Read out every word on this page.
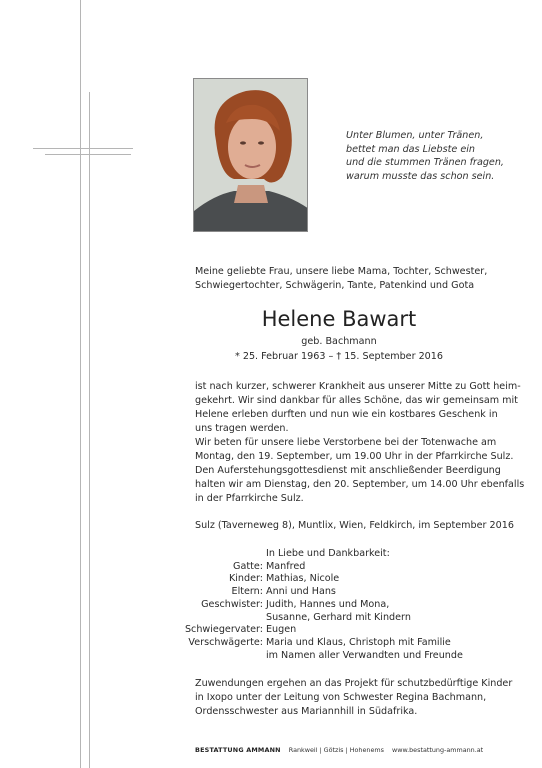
Unter Blumen, unter Tränen,
bettet man das Liebste ein
und die stummen Tränen fragen,
warum musste das schon sein.
Meine geliebte Frau, unsere liebe Mama, Tochter, Schwester,
Schwiegertochter, Schwägerin, Tante, Patenkind und Gota
Helene Bawart
geb. Bachmann
* 25. Februar 1963 – † 15. September 2016
ist nach kurzer, schwerer Krankheit aus unserer Mitte zu Gott heim-
gekehrt. Wir sind dankbar für alles Schöne, das wir gemeinsam mit
Helene erleben durften und nun wie ein kostbares Geschenk in
uns tragen werden.
Wir beten für unsere liebe Verstorbene bei der Totenwache am
Montag, den 19. September, um 19.00 Uhr in der Pfarrkirche Sulz.
Den Auferstehungsgottesdienst mit anschließender Beerdigung
halten wir am Dienstag, den 20. September, um 14.00 Uhr ebenfalls
in der Pfarrkirche Sulz.
Sulz (Taverneweg 8), Muntlix, Wien, Feldkirch, im September 2016
In Liebe und Dankbarkeit:
Gatte: Manfred
Kinder: Mathias, Nicole
Eltern: Anni und Hans
Geschwister: Judith, Hannes und Mona,
Susanne, Gerhard mit Kindern
Schwiegervater: Eugen
Verschwägerte: Maria und Klaus, Christoph mit Familie
im Namen aller Verwandten und Freunde
Zuwendungen ergehen an das Projekt für schutzbedürftige Kinder
in Ixopo unter der Leitung von Schwester Regina Bachmann,
Ordensschwester aus Mariannhill in Südafrika.
BESTATTUNG AMMANN Rankweil | Götzis | Hohenems www.bestattung-ammann.at
